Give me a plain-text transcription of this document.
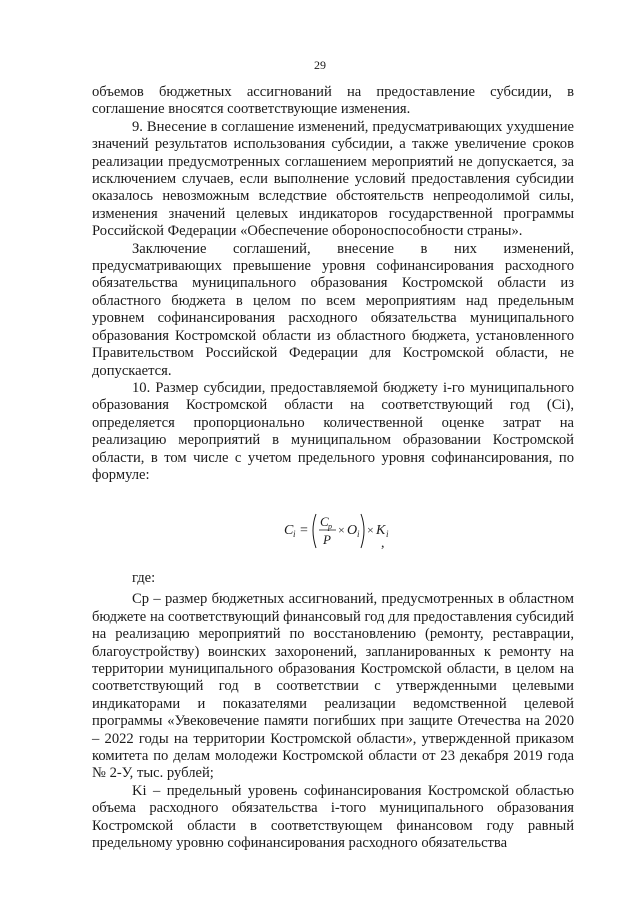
29

объемов бюджетных ассигнований на предоставление субсидии, в соглашение вносятся соответствующие изменения.

9. Внесение в соглашение изменений, предусматривающих ухудшение значений результатов использования субсидии, а также увеличение сроков реализации предусмотренных соглашением мероприятий не допускается, за исключением случаев, если выполнение условий предоставления субсидии оказалось невозможным вследствие обстоятельств непреодолимой силы, изменения значений целевых индикаторов государственной программы Российской Федерации «Обеспечение обороноспособности страны».

Заключение соглашений, внесение в них изменений, предусматривающих превышение уровня софинансирования расходного обязательства муниципального образования Костромской области из областного бюджета в целом по всем мероприятиям над предельным уровнем софинансирования расходного обязательства муниципального образования Костромской области из областного бюджета, установленного Правительством Российской Федерации для Костромской области, не допускается.

10. Размер субсидии, предоставляемой бюджету i-го муниципального образования Костромской области на соответствующий год (Ci), определяется пропорционально количественной оценке затрат на реализацию мероприятий в муниципальном образовании Костромской области, в том числе с учетом предельного уровня софинансирования, по формуле:

C i =
C p
P
× O i × K i
,

где:

Cр – размер бюджетных ассигнований, предусмотренных в областном бюджете на соответствующий финансовый год для предоставления субсидий на реализацию мероприятий по восстановлению (ремонту, реставрации, благоустройству) воинских захоронений, запланированных к ремонту на территории муниципального образования Костромской области, в целом на соответствующий год в соответствии с утвержденными целевыми индикаторами и показателями реализации ведомственной целевой программы «Увековечение памяти погибших при защите Отечества на 2020 – 2022 годы на территории Костромской области», утвержденной приказом комитета по делам молодежи Костромской области от 23 декабря 2019 года № 2-У, тыс. рублей;

Ki – предельный уровень софинансирования Костромской областью объема расходного обязательства i-того муниципального образования Костромской области в соответствующем финансовом году равный предельному уровню софинансирования расходного обязательства
